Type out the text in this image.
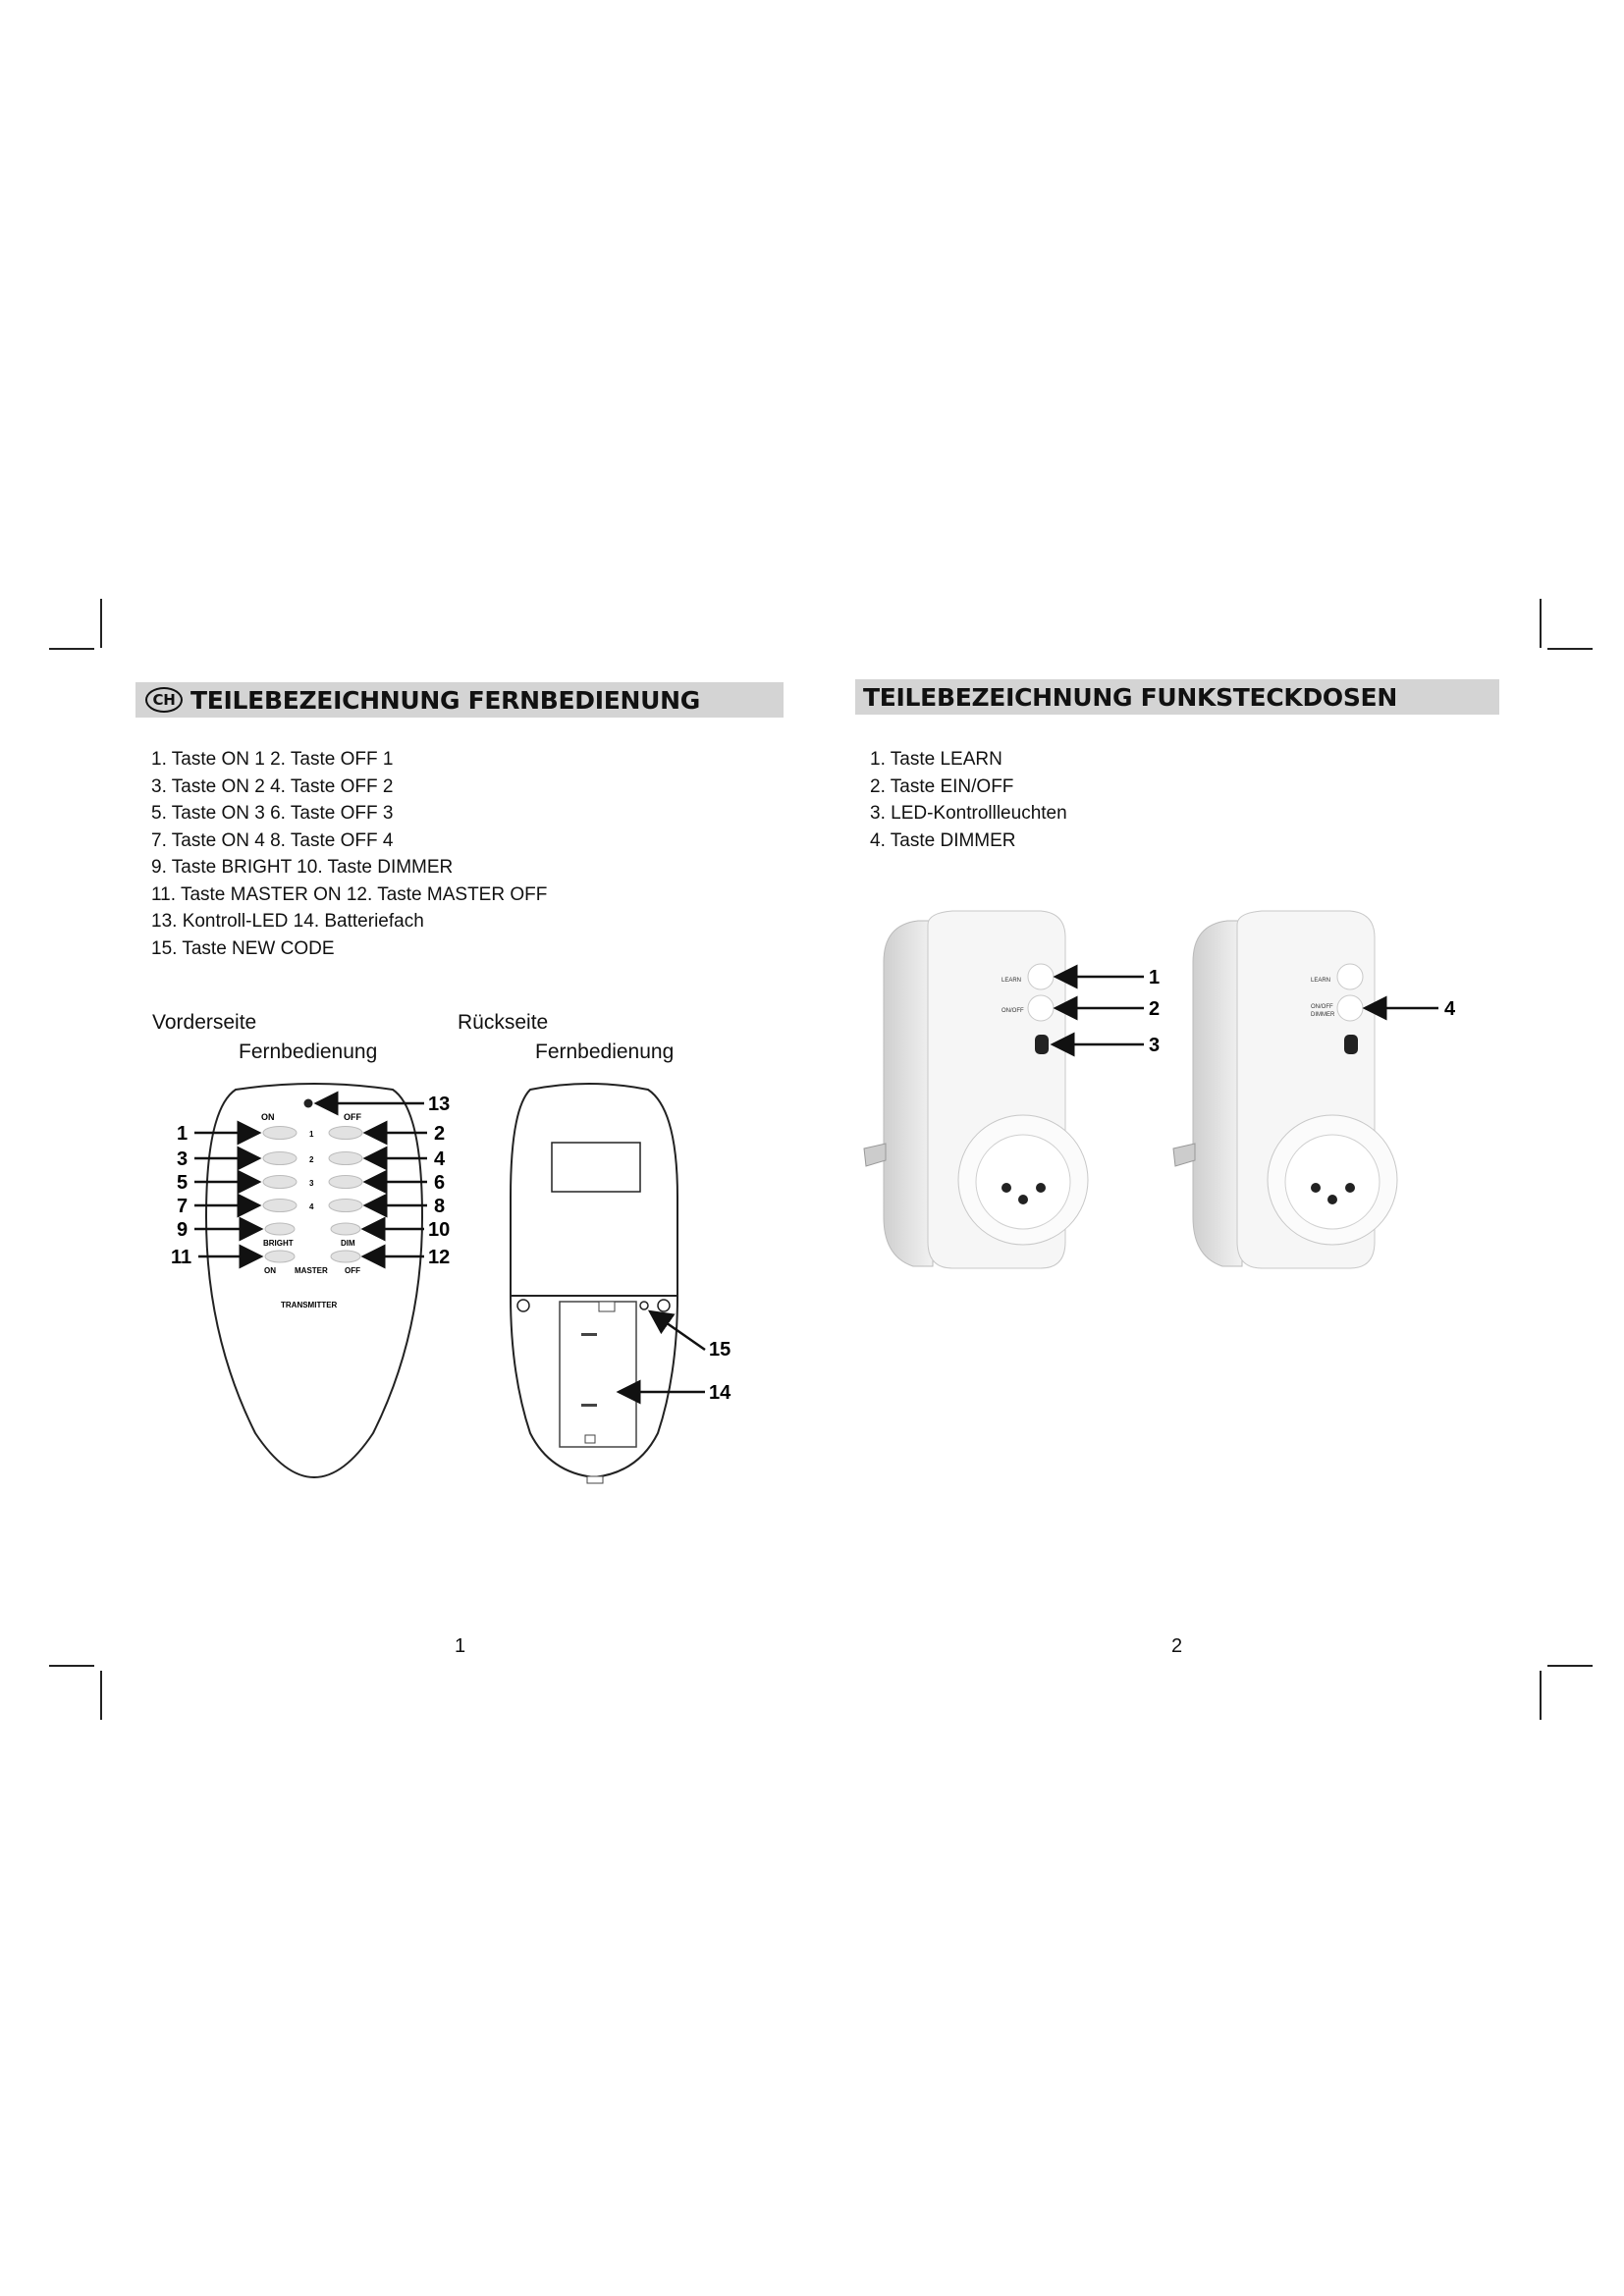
CH TEILEBEZEICHNUNG FERNBEDIENUNG
1. Taste ON 1 2. Taste OFF 1
3. Taste ON 2 4. Taste OFF 2
5. Taste ON 3 6. Taste OFF 3
7. Taste ON 4 8. Taste OFF 4
9. Taste BRIGHT 10. Taste DIMMER
11. Taste MASTER ON 12. Taste MASTER OFF
13. Kontroll-LED 14. Batteriefach
15. Taste NEW CODE
Vorderseite
Fernbedienung
Rückseite
Fernbedienung
ON	OFF
1
2
3
4
BRIGHT	DIM
ON MASTER OFF
TRANSMITTER
1
3
5
7
9
11
2
4
6
8
10
12
13
15
14
1
TEILEBEZEICHNUNG FUNKSTECKDOSEN
1. Taste LEARN
2. Taste EIN/OFF
3. LED-Kontrollleuchten
4. Taste DIMMER
LEARN
ON/OFF
1
2
3
LEARN
ON/OFF
DIMMER	4
2
